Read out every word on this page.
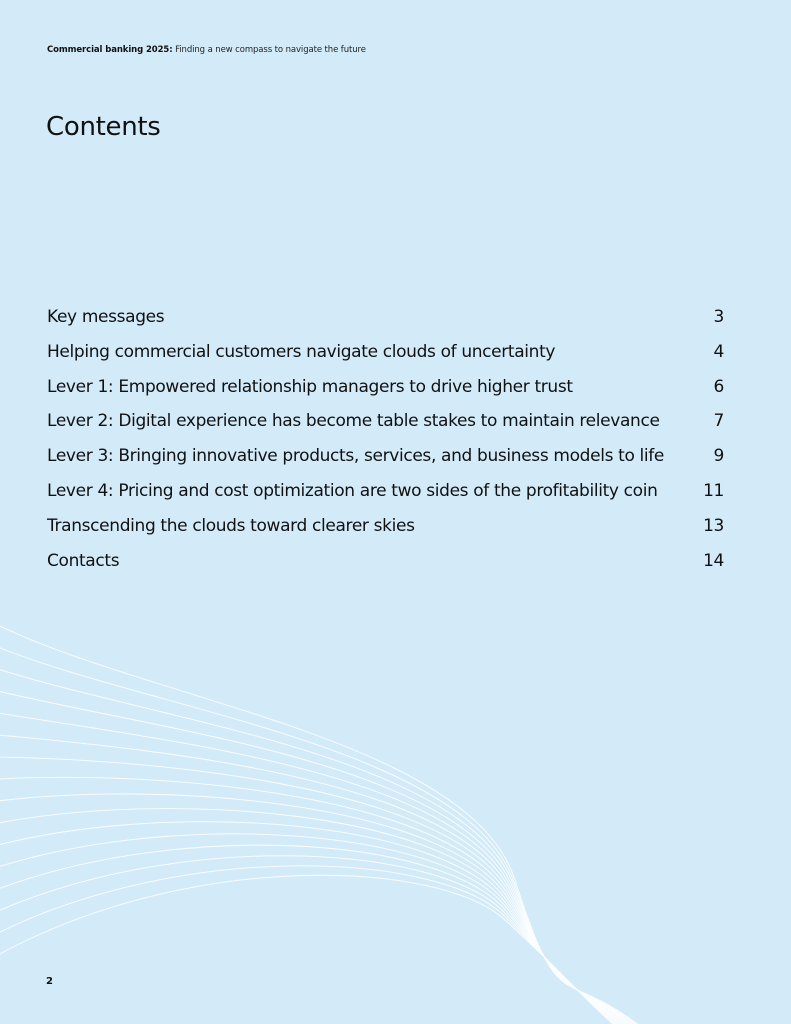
Commercial banking 2025: Finding a new compass to navigate the future
Contents
Key messages	3
Helping commercial customers navigate clouds of uncertainty	4
Lever 1: Empowered relationship managers to drive higher trust	6
Lever 2: Digital experience has become table stakes to maintain relevance	7
Lever 3: Bringing innovative products, services, and business models to life	9
Lever 4: Pricing and cost optimization are two sides of the profitability coin	11
Transcending the clouds toward clearer skies	13
Contacts	14
2
